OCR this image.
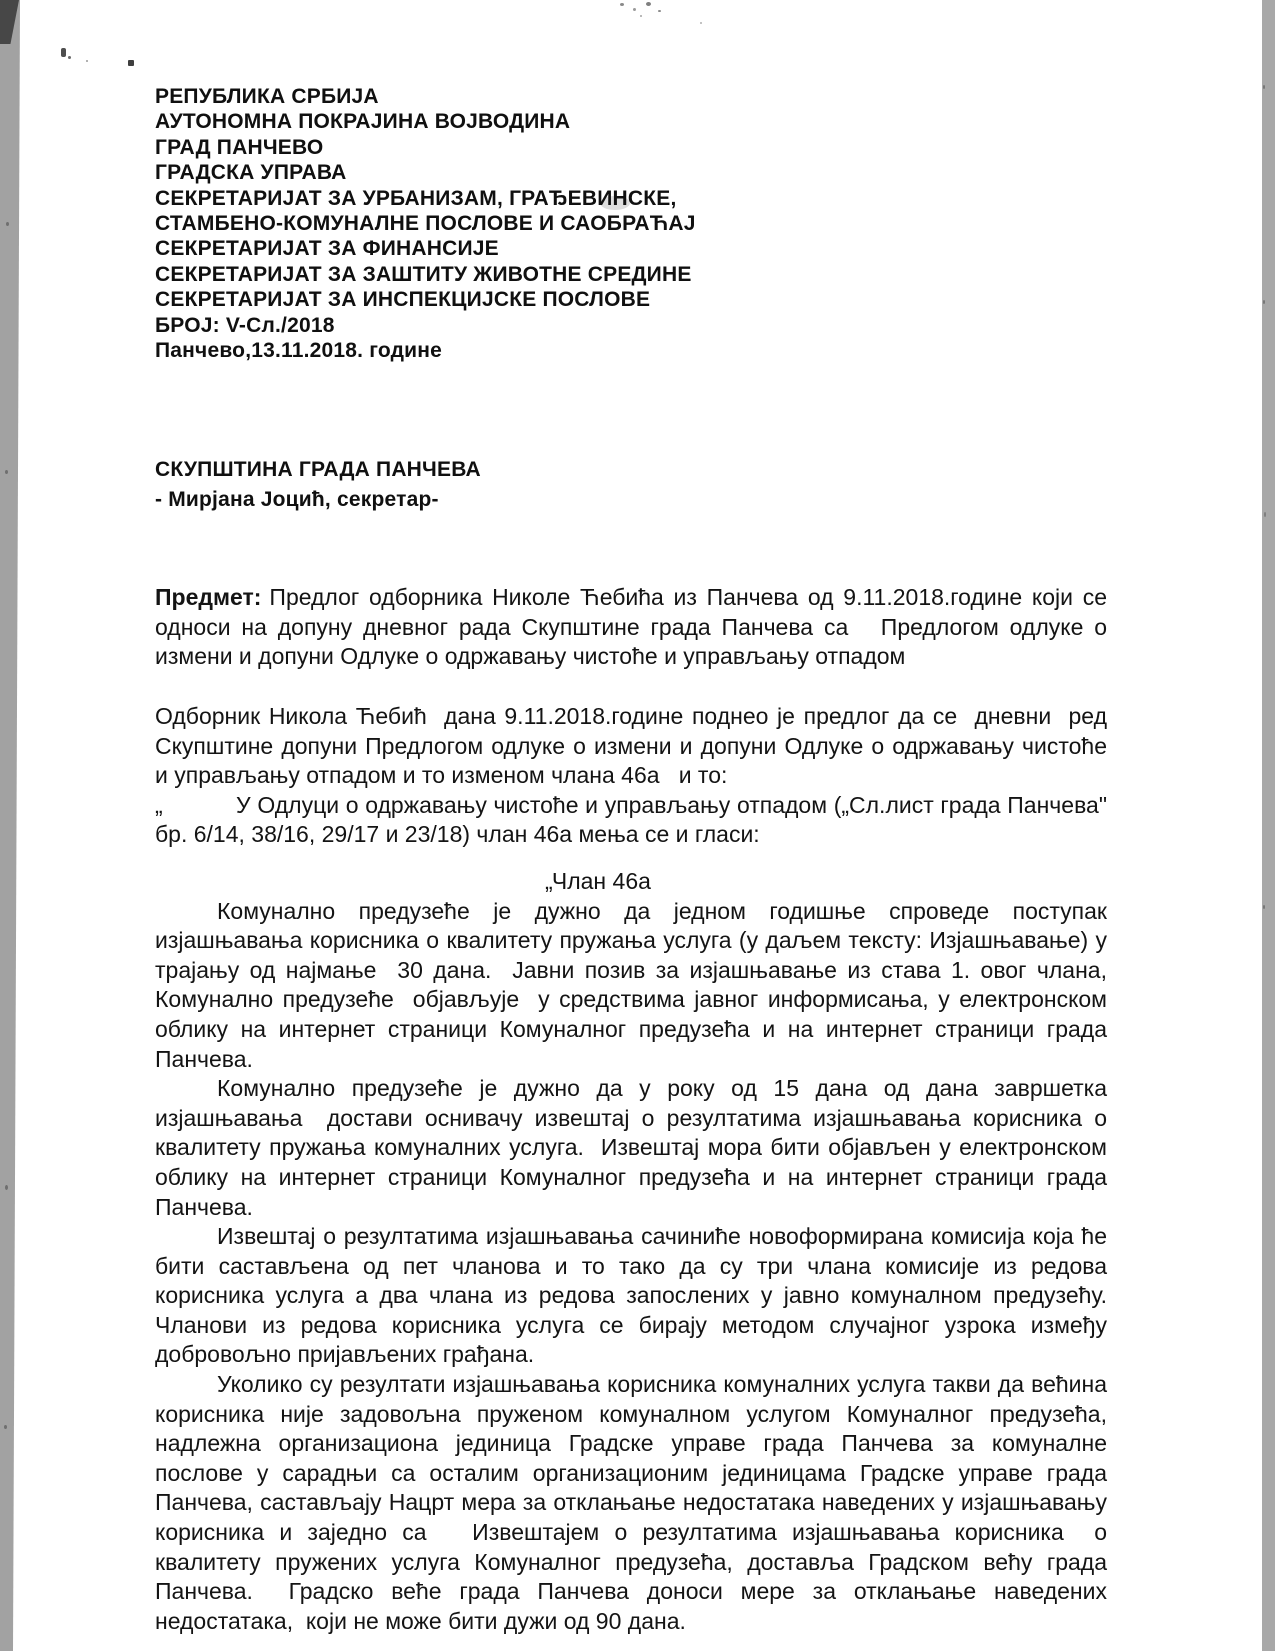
РЕПУБЛИКА СРБИЈА
АУТОНОМНА ПОКРАЈИНА ВОЈВОДИНА
ГРАД ПАНЧЕВО
ГРАДСКА УПРАВА
СЕКРЕТАРИЈАТ ЗА УРБАНИЗАМ, ГРАЂЕВИНСКЕ,
СТАМБЕНО-КОМУНАЛНЕ ПОСЛОВЕ И САОБРАЋАЈ
СЕКРЕТАРИЈАТ ЗА ФИНАНСИЈЕ
СЕКРЕТАРИЈАТ ЗА ЗАШТИТУ ЖИВОТНЕ СРЕДИНЕ
СЕКРЕТАРИЈАТ ЗА ИНСПЕКЦИЈСКЕ ПОСЛОВЕ
БРОЈ: V-Сл./2018
Панчево,13.11.2018. године
СКУПШТИНА ГРАДА ПАНЧЕВА
- Мирјана Јоцић, секретар-

Предмет: Предлог одборника Николе Ћебића из Панчева од 9.11.2018.године који се односи на допуну дневног рада Скупштине града Панчева са   Предлогом одлуке о измени и допуни Одлуке о одржавању чистоће и управљању отпадом

Одборник Никола Ћебић  дана 9.11.2018.године поднео је предлог да се  дневни  ред Скупштине допуни Предлогом одлуке о измени и допуни Одлуке о одржавању чистоће и управљању отпадом и то изменом члана 46а   и то:

„           У Одлуци о одржавању чистоће и управљању отпадом („Сл.лист града Панчева" бр. 6/14, 38/16, 29/17 и 23/18) члан 46а мења се и гласи:

„Члан 46а

Комунално предузеће је дужно да једном годишње спроведе поступак изјашњавања корисника о квалитету пружања услуга (у даљем тексту: Изјашњавање) у трајању од најмање  30 дана.  Јавни позив за изјашњавање из става 1. овог члана, Комунално предузеће  објављује  у средствима јавног информисања, у електронском облику на интернет страници Комуналног предузећа и на интернет страници града Панчева.

Комунално предузеће је дужно да у року од 15 дана од дана завршетка изјашњавања  достави оснивачу извештај о резултатима изјашњавања корисника о квалитету пружања комуналних услуга.  Извештај мора бити објављен у електронском облику на интернет страници Комуналног предузећа и на интернет страници града Панчева.

Извештај о резултатима изјашњавања сачиниће новоформирана комисија која ће бити састављена од пет чланова и то тако да су три члана комисије из редова корисника услуга а два члана из редова запослених у јавно комуналном предузећу. Чланови из редова корисника услуга се бирају методом случајног узрока између добровољно пријављених грађана.

Уколико су резултати изјашњавања корисника комуналних услуга такви да већина корисника није задовољна пруженом комуналном услугом Комуналног предузећа, надлежна организациона јединица Градске управе града Панчева за комуналне послове у сарадњи са осталим организационим јединицама Градске управе града Панчева, састављају Нацрт мера за отклањање недостатака наведених у изјашњавању корисника и заједно са   Извештајем о резултатима изјашњавања корисника  о квалитету пружених услуга Комуналног предузећа, доставља Градском већу града Панчева.  Градско веће града Панчева доноси мере за отклањање наведених недостатака,  који не може бити дужи од 90 дана.
